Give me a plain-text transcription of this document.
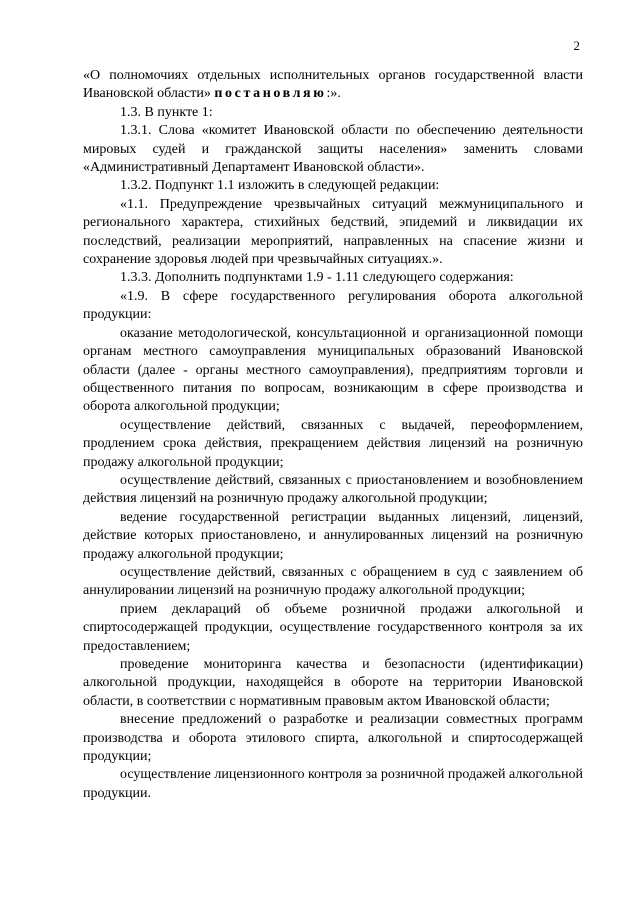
2

«О полномочиях отдельных исполнительных органов государственной власти Ивановской области» постановляю:».

1.3. В пункте 1:

1.3.1. Слова «комитет Ивановской области по обеспечению деятельности мировых судей и гражданской защиты населения» заменить словами «Административный Департамент Ивановской области».

1.3.2. Подпункт 1.1 изложить в следующей редакции:

«1.1. Предупреждение чрезвычайных ситуаций межмуниципального и регионального характера, стихийных бедствий, эпидемий и ликвидации их последствий, реализации мероприятий, направленных на спасение жизни и сохранение здоровья людей при чрезвычайных ситуациях.».

1.3.3. Дополнить подпунктами 1.9 - 1.11 следующего содержания:

«1.9. В сфере государственного регулирования оборота алкогольной продукции:

оказание методологической, консультационной и организационной помощи органам местного самоуправления муниципальных образований Ивановской области (далее - органы местного самоуправления), предприятиям торговли и общественного питания по вопросам, возникающим в сфере производства и оборота алкогольной продукции;

осуществление действий, связанных с выдачей, переоформлением, продлением срока действия, прекращением действия лицензий на розничную продажу алкогольной продукции;

осуществление действий, связанных с приостановлением и возобновлением действия лицензий на розничную продажу алкогольной продукции;

ведение государственной регистрации выданных лицензий, лицензий, действие которых приостановлено, и аннулированных лицензий на розничную продажу алкогольной продукции;

осуществление действий, связанных с обращением в суд с заявлением об аннулировании лицензий на розничную продажу алкогольной продукции;

прием деклараций об объеме розничной продажи алкогольной и спиртосодержащей продукции, осуществление государственного контроля за их предоставлением;

проведение мониторинга качества и безопасности (идентификации) алкогольной продукции, находящейся в обороте на территории Ивановской области, в соответствии с нормативным правовым актом Ивановской области;

внесение предложений о разработке и реализации совместных программ производства и оборота этилового спирта, алкогольной и спиртосодержащей продукции;

осуществление лицензионного контроля за розничной продажей алкогольной продукции.
